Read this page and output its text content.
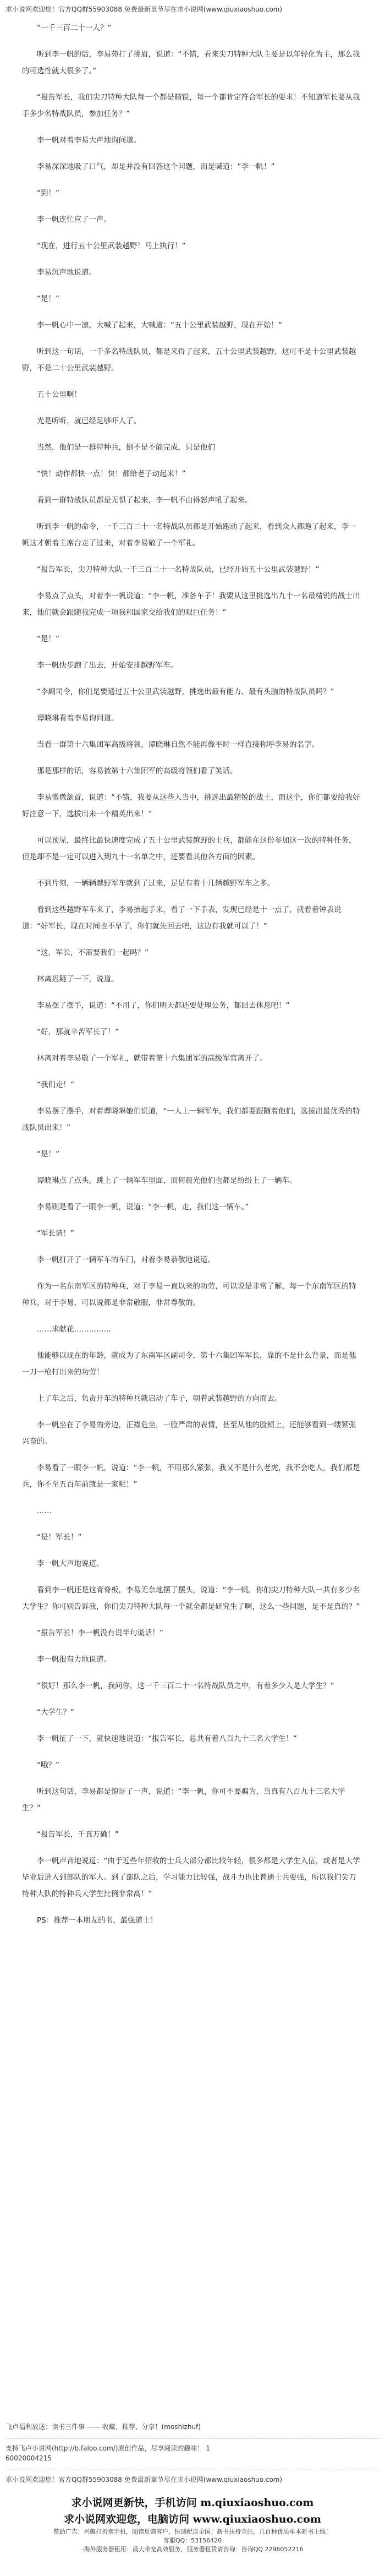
求小说网欢迎您！官方QQ群55903088 免费最新章节尽在求小说网(www.qiuxiaoshuo.com)

“一千三百二十一人？”

听到李一帆的话，李易苑打了挑眉，说道：“不错，看来尖刀特种大队主要是以年轻化为主，那么我的可选性就大很多了。”

“报告军长，我们尖刀特种大队每一个都是精锐，每一个都肯定符合军长的要求！不知道军长要从我手多少名特战队员，参加任务？”

李一帆对着李易大声地询问道。

李易深深地吸了口气，却是并没有回答这个问题，而是喊道：“李一帆！”

“到！”

李一帆连忙应了一声。

“现在，进行五十公里武装越野！马上执行！”

李易沉声地说道。

“是！”

李一帆心中一凛，大喊了起来，大喊道：“五十公里武装越野，现在开始！”

听到这一句话，一千多名特战队员，都是来得了起来，五十公里武装越野，这可不是十公里武装越野，不是二十公里武装越野。

五十公里啊！

光是听听，就已经足够吓人了。

当然，他们是一群特种兵，倒不是不能完成，只是他们

“快！动作都快一点！快！都给老子动起来！”

看到一群特战队员都是无惧了起来，李一帆不由得怒声吼了起来。

听到李一帆的命令，一千三百二十一名特战队员都是开始跑动了起来，看到众人都跑了起来，李一帆这才朝着主席台走了过来，对着李易敬了一个军礼。

“报告军长，尖刀特种大队一千三百二十一名特战队员，已经开始五十公里武装越野！”

李易点了点头，对着李一帆说道：“李一帆，准备车子！我要从这里挑选出九十一名最精锐的战士出来，他们就会跟随我完成一项我和国家交给我们的艰巨任务！”

“是！”

李一帆快步跑了出去，开始安排越野军车。

“李副司令，你们是要通过五十公里武装越野，挑选出最有能力、最有头脑的特战队员吗？”

谭晓琳看着李易询问道。

当看一群第十六集团军高级将领，谭晓琳自然不能再像平时一样直接称呼李易的名字。

那是那样的话，容易被第十六集团军的高级将领们看了笑话。

李易微微颔首，说道：“不错，我要从这些人当中，挑选出最精锐的战士，而这个，你们都要给我好好注意一下，选拔出来一个精英出来！”

可以预见，最终比最快速度完成了五十公里武装越野的士兵，都能在这份参加这一次的特种任务，但是却不是一定可以进入到九十一名单之中，还要看其他各方面的因素。

不到片刻，一辆辆越野军车就到了过来，足足有着十几辆越野军车之多。

看到这些越野军车来了，李易抬起手来，看了一下手表，发现已经是十一点了，就看着钟表说道：“好军长，现在时间也不早了，你们就先回去吧，这边有我就可以了！”

“这，军长，不需要我们一起吗？”

林离迟疑了一下，说道。

李易摆了摆手，说道：“不用了，你们明天都还要处理公务，都回去休息吧！”

“好，那就辛苦军长了！”

林离对着李易敬了一个军礼，就带着第十六集团军的高级军官离开了。

“我们走！”

李易摆了摆手，对着谭晓琳她们说道，“一人上一辆军车，我们都要跟随着他们，选拔出最优秀的特战队员出来！”

“是！”

谭晓琳点了点头，跳上了一辆军车里面，而何晨光他们也都是纷纷上了一辆车。

李易则是看了一眼李一帆，说道：“李一帆，走，我们这一辆车。”

“军长请！”

李一帆打开了一辆军车的车门，对着李易恭敬地说道。

作为一名东南军区的特种兵，对于李易一直以来的功劳，可以说是非常了解，每一个东南军区的特种兵，对于李易，可以说都是非常敬服，非常尊敬的。

……求献花……………

他能够以现在的年龄，就成为了东南军区副司令，第十六集团军军长，靠的不是什么背景，而是他一刀一枪打出来的功劳！

上了车之后，负责开车的特种兵就启动了车子，朝着武装越野的方向而去。

李一帆坐在了李易的旁边，正襟危坐，一脸严肃的表情，甚至从他的脸颊上，还能够看到一缕紧张兴奋的。

李易看了一眼李一帆，说道：“李一帆，不用那么紧张，我又不是什么老虎，我不会吃人，我们都是兵，你不至五百年前就是一家呢！”

……

“是！军长！”

李一帆大声地说道。

看到李一帆还是这背脊板，李易无奈地摆了摆头，说道：“李一帆，你们尖刀特种大队一共有多少名大学生？你可别告诉我，你们尖刀特种大队每一个就全都是研究生了啊，这么一些问题，是不是真的？”

“报告军长！李一帆没有说半句谎话！”

李一帆很有力地说道。

“很好！那么李一帆，我问你，这一千三百二十一名特战队员之中，有着多少人是大学生？”

“大学生？”

李一帆征了一下，就快速地说道：“报告军长，总共有着八百九十三名大学生！”

“哦？”

听到这句话，李易都是惊讶了一声，说道：“李一帆，你可不要骗为，当真有八百九十三名大学生？”

“报告军长，千真万确！”

李一帆声音地说道：“由于近些年招收的士兵大部分都比较年轻，很多都是大学生入伍，或者是大学毕业后进入到部队的军人。到了部队之后，学习能力比较强，战斗力也比普通士兵要强，所以我们尖刀特种大队的特种兵大学生比例非常高！”

PS：推荐一本朋友的书，最强道士！

飞卢福利放送：读书三件事 —— 收藏、推荐、分享！(moshizhuf)
支持飞卢小说网(http://b.faloo.com/)原创作品，尽享阅读的趣味！ 1
60020004215
求小说网欢迎您！官方QQ群55903088 免费最新章节尽在求小说网(www.qiuxiaoshuo.com)
求小说网更新快，手机访问 m.qiuxiaoshuo.com
求小说网欢迎您，电脑访问 www.qiuxiaoshuo.com
赞助广告：兴趣打折卖手机，阅读反馈客户，快速配送全国；新书扶持全站，几百种优质单本新书上线！
客服QQ：53156420
-海外服务器租用：最大带宽高效服务，服务器租赁请咨询：咨询QQ 2296052216
